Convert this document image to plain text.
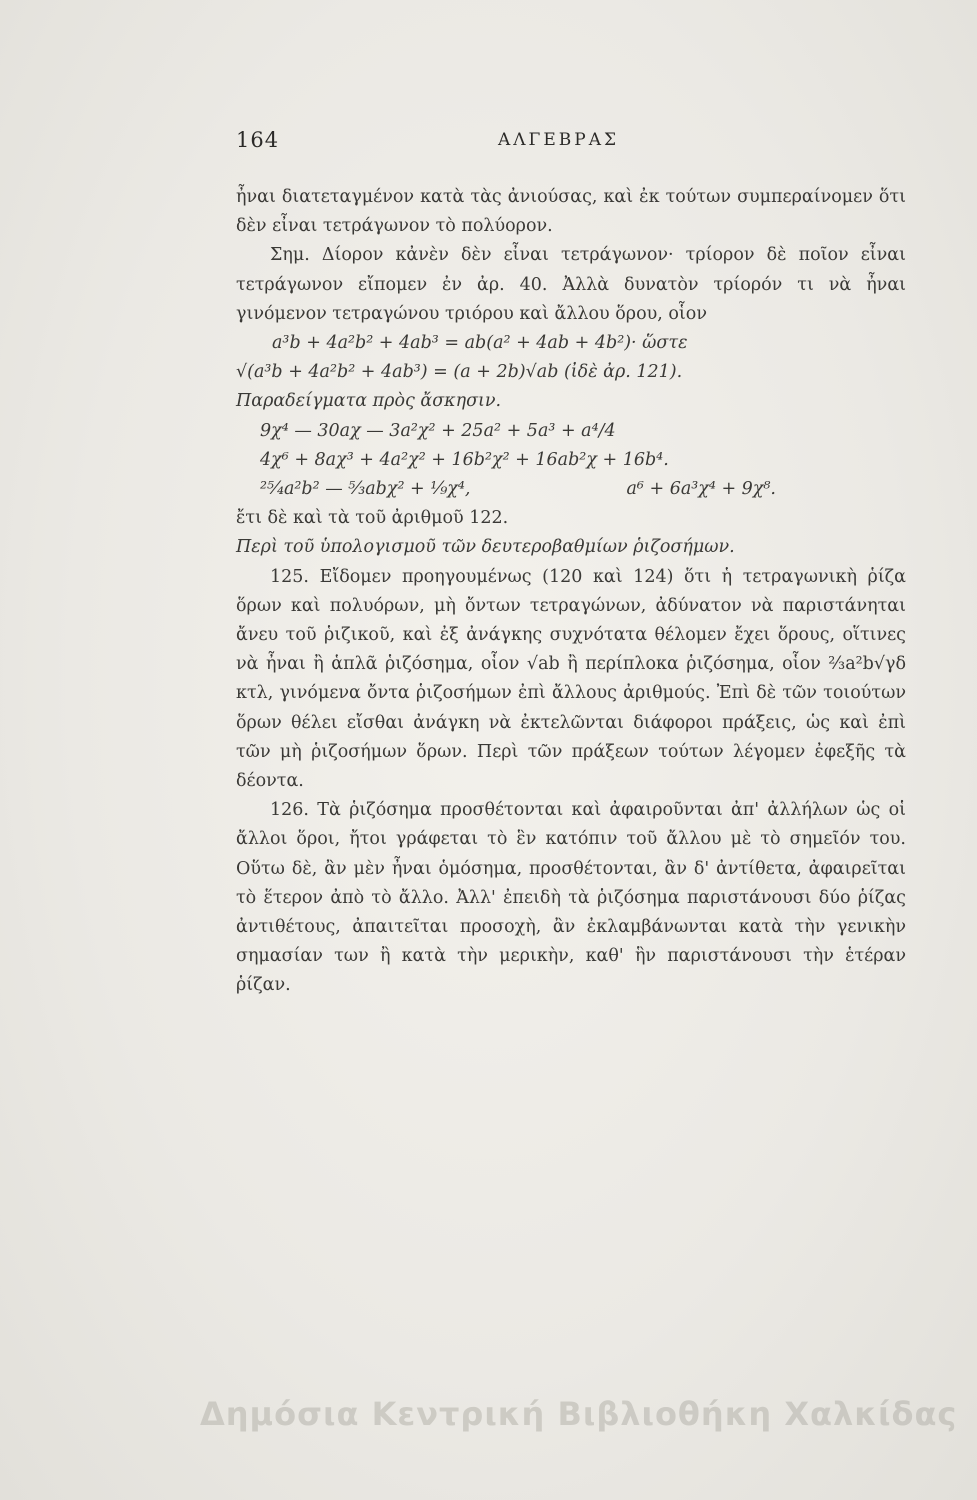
164	ΑΛΓΕΒΡΑΣ

ἦναι διατεταγμένον κατὰ τὰς ἀνιούσας, καὶ ἐκ τούτων συμπεραίνομεν ὅτι δὲν εἶναι τετράγωνον τὸ πολύορον.

Σημ. Δίορον κἀνὲν δὲν εἶναι τετράγωνον· τρίορον δὲ ποῖον εἶναι τετράγωνον εἴπομεν ἐν ἀρ. 40. Ἀλλὰ δυνατὸν τρίορόν τι νὰ ἦναι γινόμενον τετραγώνου τριόρου καὶ ἄλλου ὅρου, οἷον

a³b + 4a²b² + 4ab³ = ab(a² + 4ab + 4b²)· ὥστε

√(a³b + 4a²b² + 4ab³) = (a + 2b)√ab (ἰδὲ ἀρ. 121).

Παραδείγματα πρὸς ἄσκησιν.

9χ⁴ — 30aχ — 3a²χ² + 25a² + 5a³ + a⁴/4

4χ⁶ + 8aχ³ + 4a²χ² + 16b²χ² + 16ab²χ + 16b⁴.

²⁵⁄₄a²b² — ⁵⁄₃abχ² + ¹⁄₉χ⁴,	a⁶ + 6a³χ⁴ + 9χ⁸.

ἔτι δὲ καὶ τὰ τοῦ ἀριθμοῦ 122.

Περὶ τοῦ ὑπολογισμοῦ τῶν δευτεροβαθμίων ῥιζοσήμων.

125. Εἴδομεν προηγουμένως (120 καὶ 124) ὅτι ἡ τετραγωνικὴ ῥίζα ὅρων καὶ πολυόρων, μὴ ὄντων τετραγώνων, ἀδύνατον νὰ παριστάνηται ἄνευ τοῦ ῥιζικοῦ, καὶ ἐξ ἀνάγκης συχνότατα θέλομεν ἔχει ὅρους, οἵτινες νὰ ἦναι ἢ ἁπλᾶ ῥιζόσημα, οἷον √ab ἢ περίπλοκα ῥιζόσημα, οἷον ²⁄₃a²b√γδ κτλ, γινόμενα ὄντα ῥιζοσήμων ἐπὶ ἄλλους ἀριθμούς. Ἐπὶ δὲ τῶν τοιούτων ὅρων θέλει εἴσθαι ἀνάγκη νὰ ἐκτελῶνται διάφοροι πράξεις, ὡς καὶ ἐπὶ τῶν μὴ ῥιζοσήμων ὅρων. Περὶ τῶν πράξεων τούτων λέγομεν ἐφεξῆς τὰ δέοντα.

126. Τὰ ῥιζόσημα προσθέτονται καὶ ἀφαιροῦνται ἀπ' ἀλλήλων ὡς οἱ ἄλλοι ὅροι, ἤτοι γράφεται τὸ ἓν κατόπιν τοῦ ἄλλου μὲ τὸ σημεῖόν του. Οὕτω δὲ, ἂν μὲν ἦναι ὁμόσημα, προσθέτονται, ἂν δ' ἀντίθετα, ἀφαιρεῖται τὸ ἕτερον ἀπὸ τὸ ἄλλο. Ἀλλ' ἐπειδὴ τὰ ῥιζόσημα παριστάνουσι δύο ῥίζας ἀντιθέτους, ἀπαιτεῖται προσοχὴ, ἂν ἐκλαμβάνωνται κατὰ τὴν γενικὴν σημασίαν των ἢ κατὰ τὴν μερικὴν, καθ' ἣν παριστάνουσι τὴν ἑτέραν ῥίζαν.

Δημόσια Κεντρική Βιβλιοθήκη Χαλκίδας
